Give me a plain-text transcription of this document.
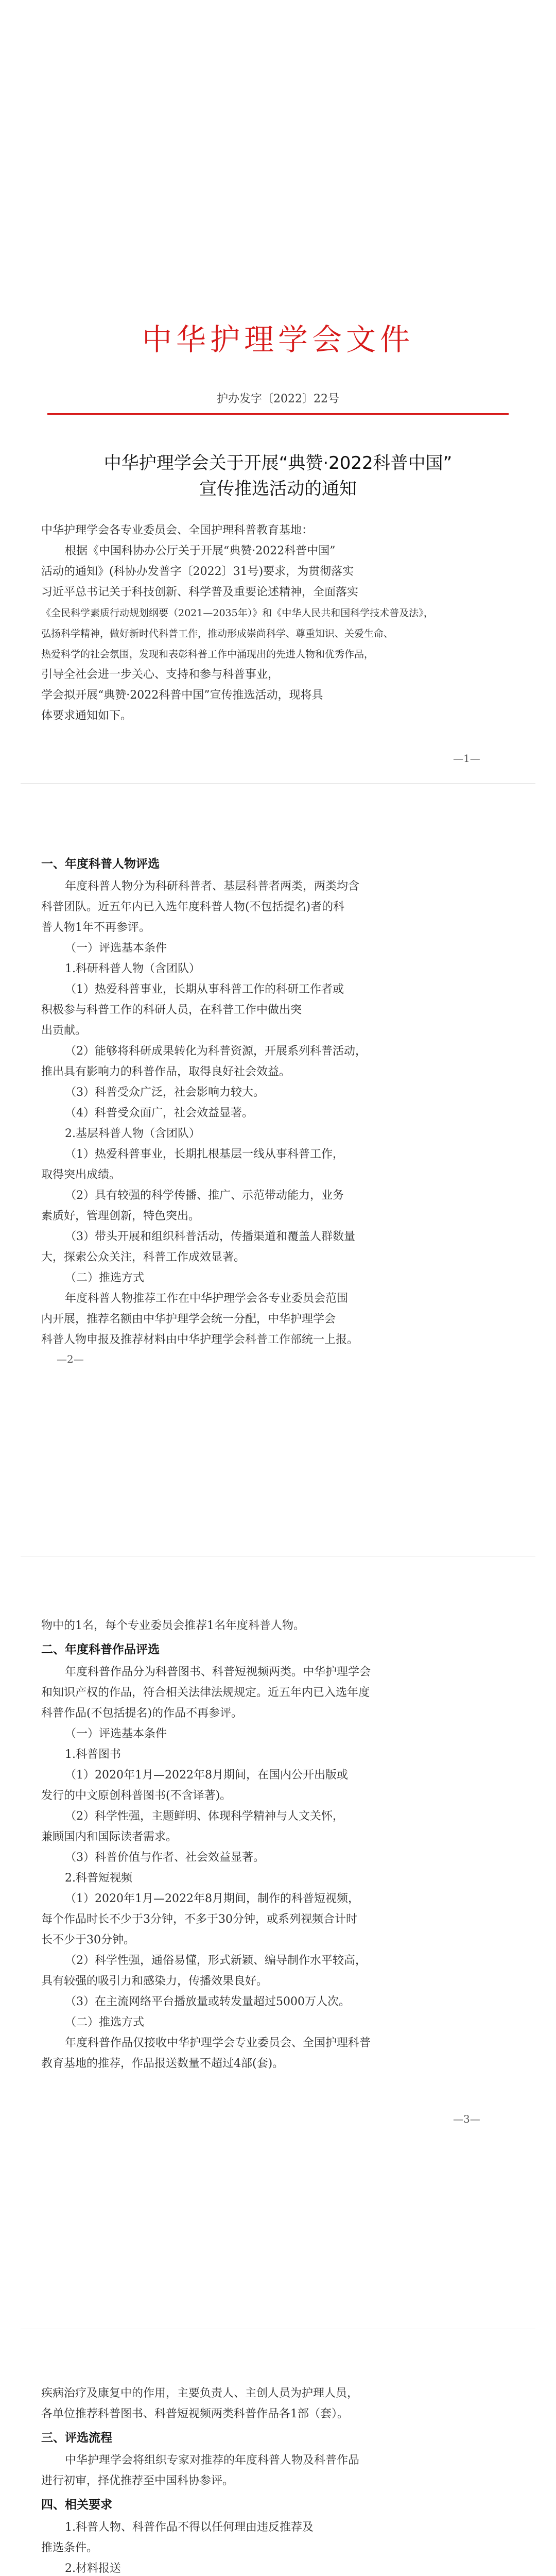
中华护理学会文件
护办发字〔2022〕22号
中华护理学会关于开展“典赞·2022科普中国”
宣传推选活动的通知
中华护理学会各专业委员会、全国护理科普教育基地：
根据《中国科协办公厅关于开展“典赞·2022科普中国”
活动的通知》(科协办发普字〔2022〕31号)要求，为贯彻落实
习近平总书记关于科技创新、科学普及重要论述精神，全面落实
《全民科学素质行动规划纲要（2021—2035年）》和《中华人民共和国科学技术普及法》，
弘扬科学精神，做好新时代科普工作，推动形成崇尚科学、尊重知识、关爱生命、
热爱科学的社会氛围，发现和表彰科普工作中涌现出的先进人物和优秀作品，
引导全社会进一步关心、支持和参与科普事业，
学会拟开展“典赞·2022科普中国”宣传推选活动，现将具
体要求通知如下。
—1—
一、年度科普人物评选
年度科普人物分为科研科普者、基层科普者两类，两类均含
科普团队。近五年内已入选年度科普人物(不包括提名)者的科
普人物1年不再参评。
（一）评选基本条件
1.科研科普人物（含团队）
（1）热爱科普事业，长期从事科普工作的科研工作者或
积极参与科普工作的科研人员，在科普工作中做出突
出贡献。
（2）能够将科研成果转化为科普资源，开展系列科普活动，
推出具有影响力的科普作品，取得良好社会效益。
（3）科普受众广泛，社会影响力较大。
（4）科普受众面广，社会效益显著。
2.基层科普人物（含团队）
（1）热爱科普事业，长期扎根基层一线从事科普工作，
取得突出成绩。
（2）具有较强的科学传播、推广、示范带动能力，业务
素质好，管理创新，特色突出。
（3）带头开展和组织科普活动，传播渠道和覆盖人群数量
大，探索公众关注，科普工作成效显著。
（二）推选方式
年度科普人物推荐工作在中华护理学会各专业委员会范围
内开展，推荐名额由中华护理学会统一分配，中华护理学会
科普人物申报及推荐材料由中华护理学会科普工作部统一上报。
—2—
物中的1名，每个专业委员会推荐1名年度科普人物。
二、年度科普作品评选
年度科普作品分为科普图书、科普短视频两类。中华护理学会
和知识产权的作品，符合相关法律法规规定。近五年内已入选年度
科普作品(不包括提名)的作品不再参评。
（一）评选基本条件
1.科普图书
（1）2020年1月—2022年8月期间，在国内公开出版或
发行的中文原创科普图书(不含译著)。
（2）科学性强，主题鲜明、体现科学精神与人文关怀，
兼顾国内和国际读者需求。
（3）科普价值与作者、社会效益显著。
2.科普短视频
（1）2020年1月—2022年8月期间，制作的科普短视频，
每个作品时长不少于3分钟，不多于30分钟，或系列视频合计时
长不少于30分钟。
（2）科学性强，通俗易懂，形式新颖、编导制作水平较高，
具有较强的吸引力和感染力，传播效果良好。
（3）在主流网络平台播放量或转发量超过5000万人次。
（二）推选方式
年度科普作品仅接收中华护理学会专业委员会、全国护理科普
教育基地的推荐，作品报送数量不超过4部(套)。
—3—
疾病治疗及康复中的作用，主要负责人、主创人员为护理人员，
各单位推荐科普图书、科普短视频两类科普作品各1部（套）。
三、评选流程
中华护理学会将组织专家对推荐的年度科普人物及科普作品
进行初审，择优推荐至中国科协参评。
四、相关要求
1.科普人物、科普作品不得以任何理由违反推荐及
推选条件。
2.材料报送
